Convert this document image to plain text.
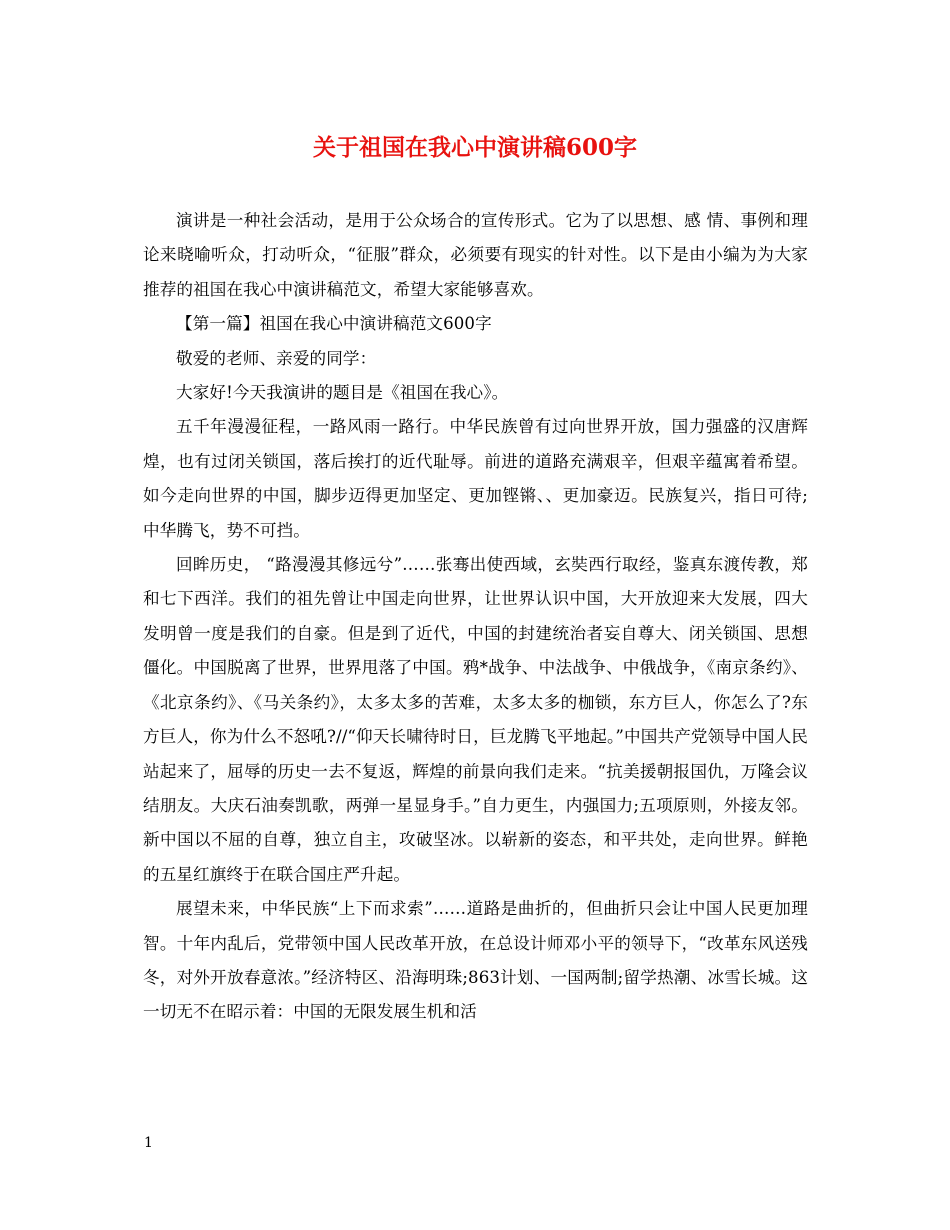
关于祖国在我心中演讲稿600字

演讲是一种社会活动，是用于公众场合的宣传形式。它为了以思想、感 情、事例和理论来晓喻听众，打动听众，“征服”群众，必须要有现实的针对性。以下是由小编为为大家推荐的祖国在我心中演讲稿范文，希望大家能够喜欢。

【第一篇】祖国在我心中演讲稿范文600字

敬爱的老师、亲爱的同学：

大家好!今天我演讲的题目是《祖国在我心》。

五千年漫漫征程，一路风雨一路行。中华民族曾有过向世界开放，国力强盛的汉唐辉煌，也有过闭关锁国，落后挨打的近代耻辱。前进的道路充满艰辛，但艰辛蕴寓着希望。如今走向世界的中国，脚步迈得更加坚定、更加铿锵、、更加豪迈。民族复兴，指日可待;中华腾飞，势不可挡。

回眸历史， “路漫漫其修远兮”……张骞出使西域，玄奘西行取经，鉴真东渡传教，郑和七下西洋。我们的祖先曾让中国走向世界，让世界认识中国，大开放迎来大发展，四大发明曾一度是我们的自豪。但是到了近代，中国的封建统治者妄自尊大、闭关锁国、思想僵化。中国脱离了世界，世界甩落了中国。鸦*战争、中法战争、中俄战争，《南京条约》、《北京条约》、《马关条约》，太多太多的苦难，太多太多的枷锁，东方巨人，你怎么了?东方巨人，你为什么不怒吼?//“仰天长啸待时日，巨龙腾飞平地起。”中国共产党领导中国人民站起来了，屈辱的历史一去不复返，辉煌的前景向我们走来。“抗美援朝报国仇，万隆会议结朋友。大庆石油奏凯歌，两弹一星显身手。”自力更生，内强国力;五项原则，外接友邻。新中国以不屈的自尊，独立自主，攻破坚冰。以崭新的姿态，和平共处，走向世界。鲜艳的五星红旗终于在联合国庄严升起。

展望未来，中华民族“上下而求索”……道路是曲折的，但曲折只会让中国人民更加理智。十年内乱后，党带领中国人民改革开放，在总设计师邓小平的领导下，“改革东风送残冬，对外开放春意浓。”经济特区、沿海明珠;863计划、一国两制;留学热潮、冰雪长城。这一切无不在昭示着：中国的无限发展生机和活

1
